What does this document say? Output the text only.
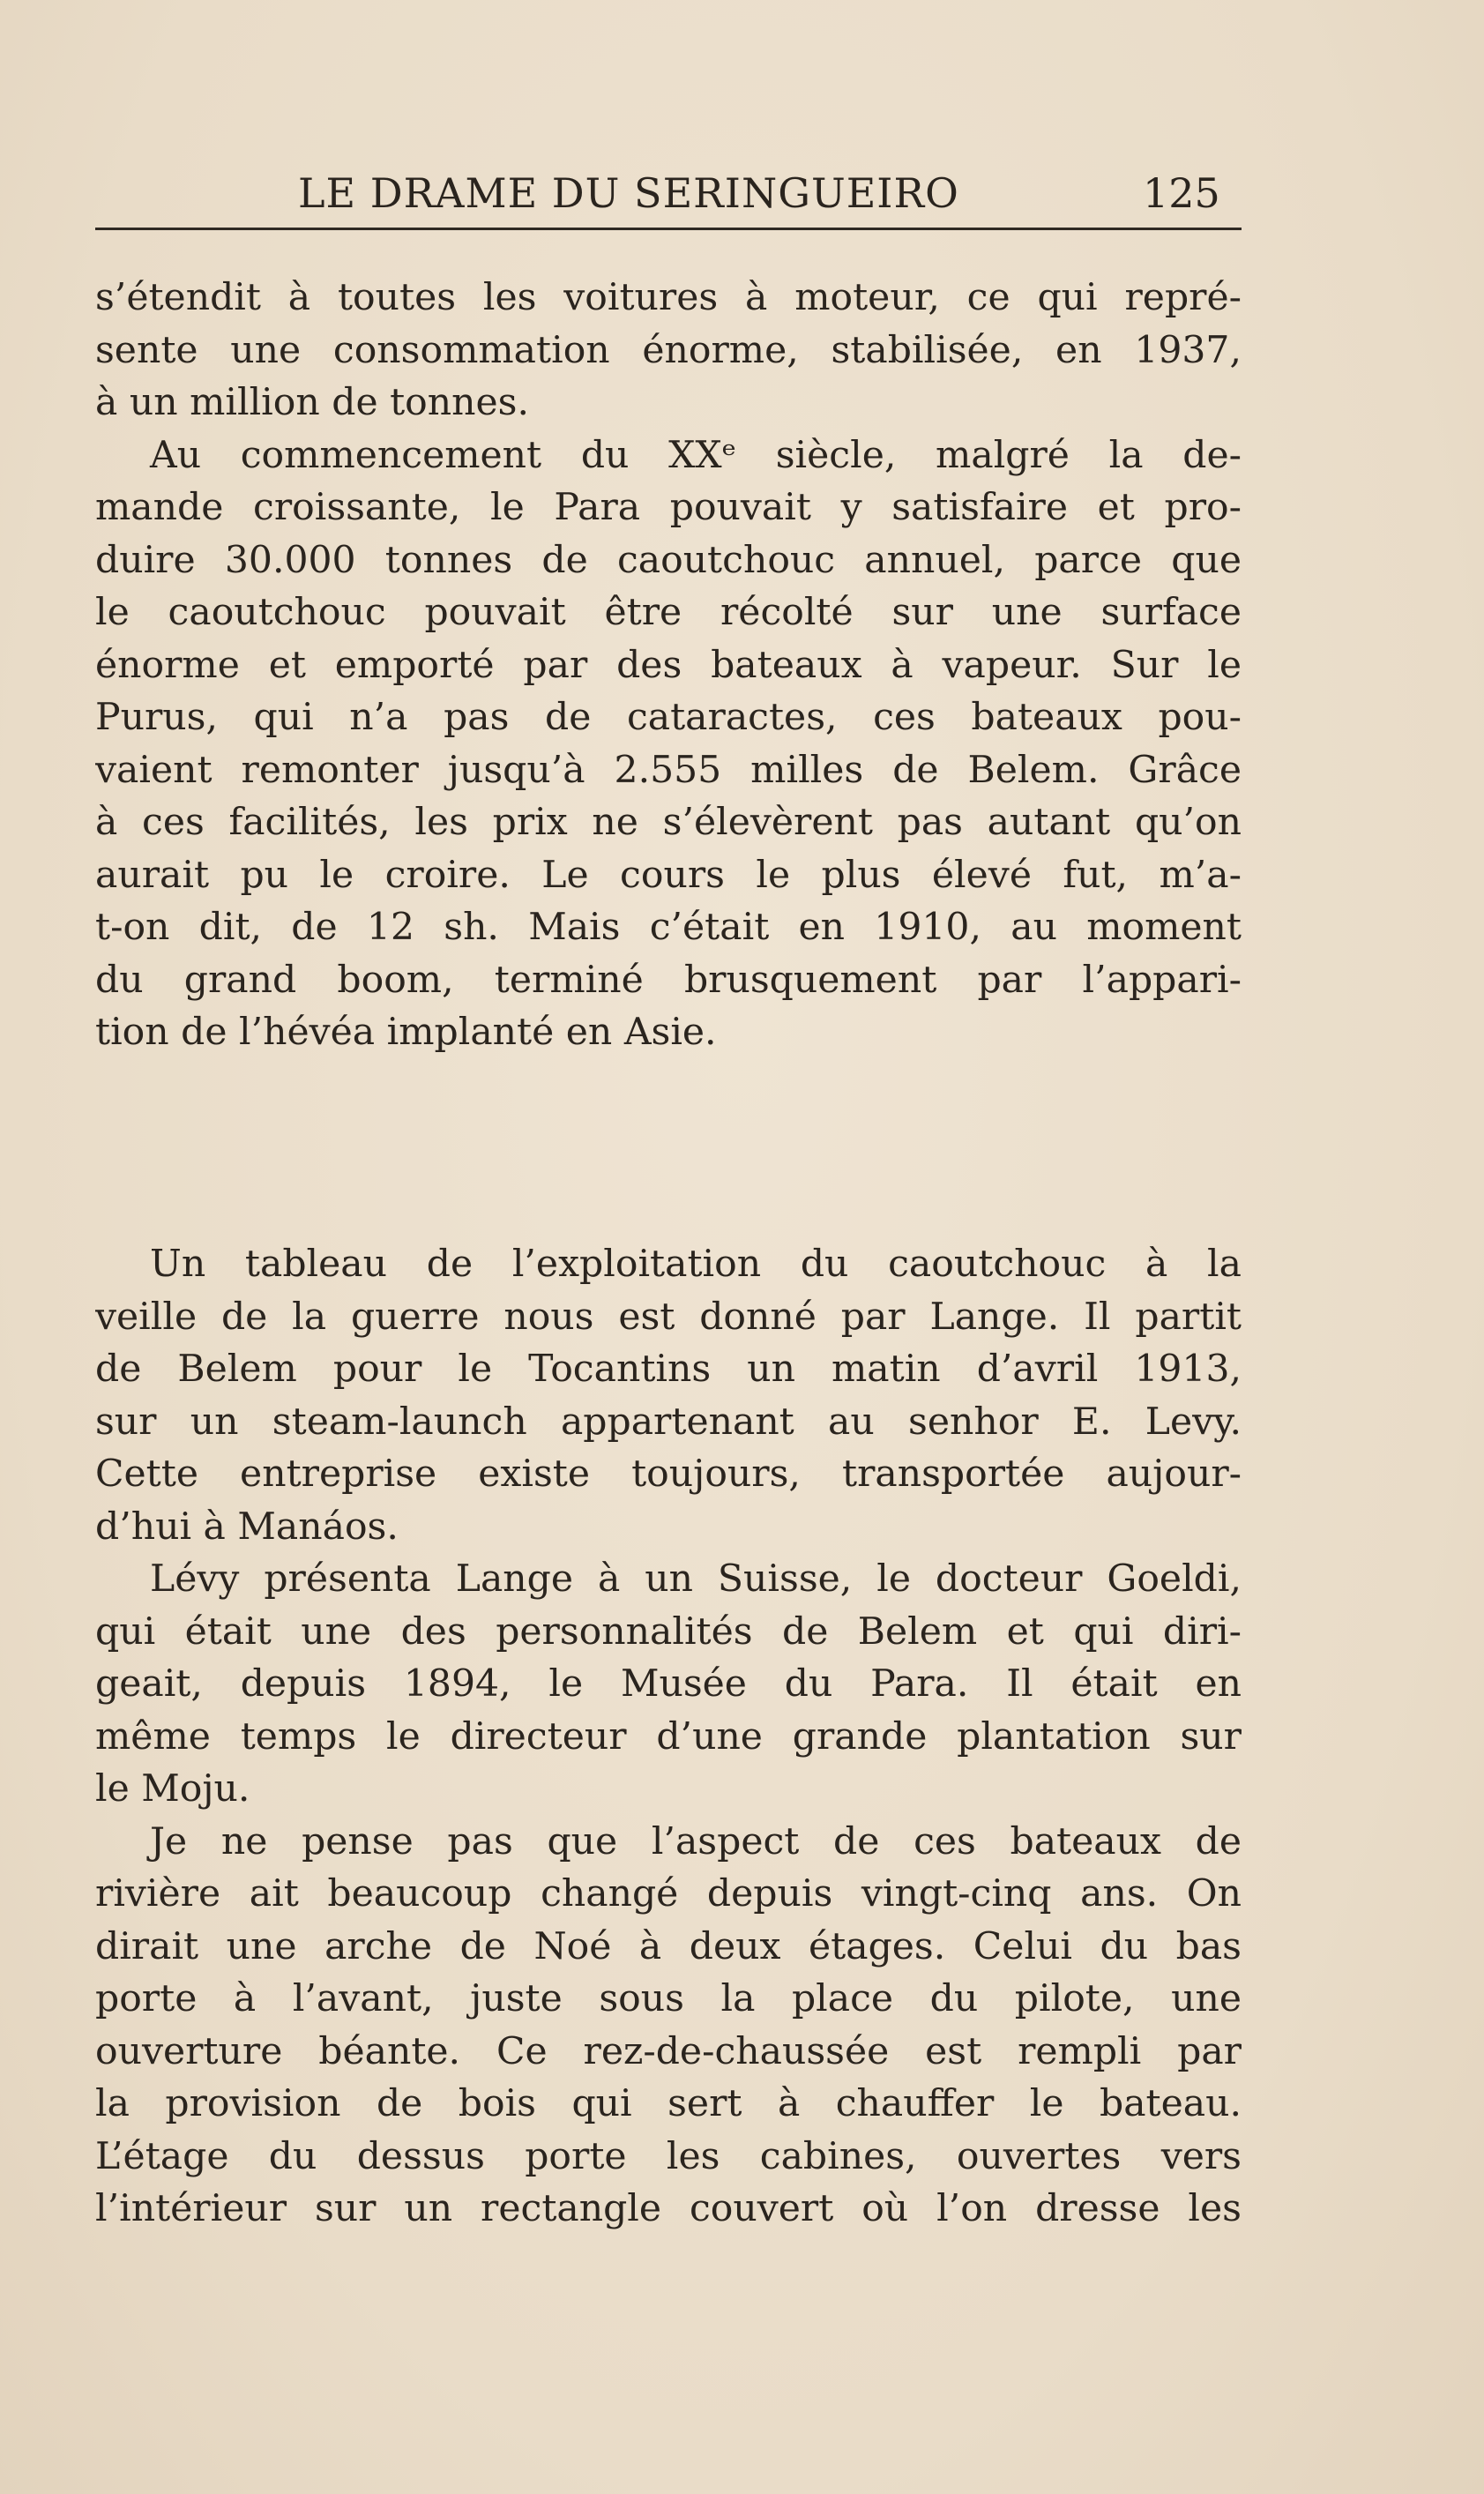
LE DRAME DU SERINGUEIRO	125
s’étendit à toutes les voitures à moteur, ce qui repré-
sente une consommation énorme, stabilisée, en 1937,
à un million de tonnes.
Au commencement du XXᵉ siècle, malgré la de-
mande croissante, le Para pouvait y satisfaire et pro-
duire 30.000 tonnes de caoutchouc annuel, parce que
le caoutchouc pouvait être récolté sur une surface
énorme et emporté par des bateaux à vapeur. Sur le
Purus, qui n’a pas de cataractes, ces bateaux pou-
vaient remonter jusqu’à 2.555 milles de Belem. Grâce
à ces facilités, les prix ne s’élevèrent pas autant qu’on
aurait pu le croire. Le cours le plus élevé fut, m’a-
t-on dit, de 12 sh. Mais c’était en 1910, au moment
du grand boom, terminé brusquement par l’appari-
tion de l’hévéa implanté en Asie.
Un tableau de l’exploitation du caoutchouc à la
veille de la guerre nous est donné par Lange. Il partit
de Belem pour le Tocantins un matin d’avril 1913,
sur un steam-launch appartenant au senhor E. Levy.
Cette entreprise existe toujours, transportée aujour-
d’hui à Manáos.
Lévy présenta Lange à un Suisse, le docteur Goeldi,
qui était une des personnalités de Belem et qui diri-
geait, depuis 1894, le Musée du Para. Il était en
même temps le directeur d’une grande plantation sur
le Moju.
Je ne pense pas que l’aspect de ces bateaux de
rivière ait beaucoup changé depuis vingt-cinq ans. On
dirait une arche de Noé à deux étages. Celui du bas
porte à l’avant, juste sous la place du pilote, une
ouverture béante. Ce rez-de-chaussée est rempli par
la provision de bois qui sert à chauffer le bateau.
L’étage du dessus porte les cabines, ouvertes vers
l’intérieur sur un rectangle couvert où l’on dresse les
